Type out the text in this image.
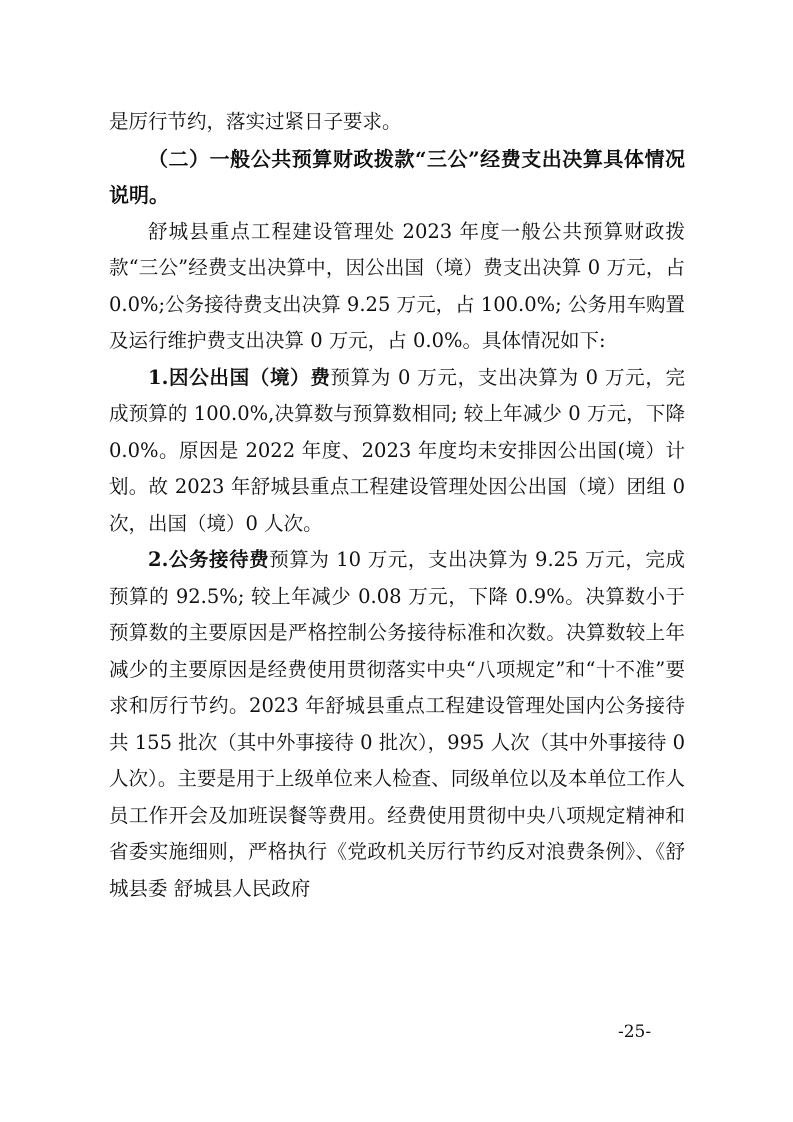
是厉行节约，落实过紧日子要求。

（二）一般公共预算财政拨款“三公”经费支出决算具体情况说明。

舒城县重点工程建设管理处 2023 年度一般公共预算财政拨款“三公”经费支出决算中，因公出国（境）费支出决算 0 万元，占 0.0%;公务接待费支出决算 9.25 万元，占 100.0%; 公务用车购置及运行维护费支出决算 0 万元，占 0.0%。具体情况如下:

1.因公出国（境）费预算为 0 万元，支出决算为 0 万元，完成预算的 100.0%,决算数与预算数相同; 较上年减少 0 万元，下降 0.0%。原因是 2022 年度、2023 年度均未安排因公出国(境）计划。故 2023 年舒城县重点工程建设管理处因公出国（境）团组 0 次，出国（境）0 人次。

2.公务接待费预算为 10 万元，支出决算为 9.25 万元，完成预算的 92.5%; 较上年减少 0.08 万元，下降 0.9%。决算数小于预算数的主要原因是严格控制公务接待标准和次数。决算数较上年减少的主要原因是经费使用贯彻落实中央“八项规定”和“十不准”要求和厉行节约。2023 年舒城县重点工程建设管理处国内公务接待共 155 批次（其中外事接待 0 批次），995 人次（其中外事接待 0 人次）。主要是用于上级单位来人检查、同级单位以及本单位工作人员工作开会及加班误餐等费用。经费使用贯彻中央八项规定精神和省委实施细则，严格执行《党政机关厉行节约反对浪费条例》、《舒城县委 舒城县人民政府

-25-
